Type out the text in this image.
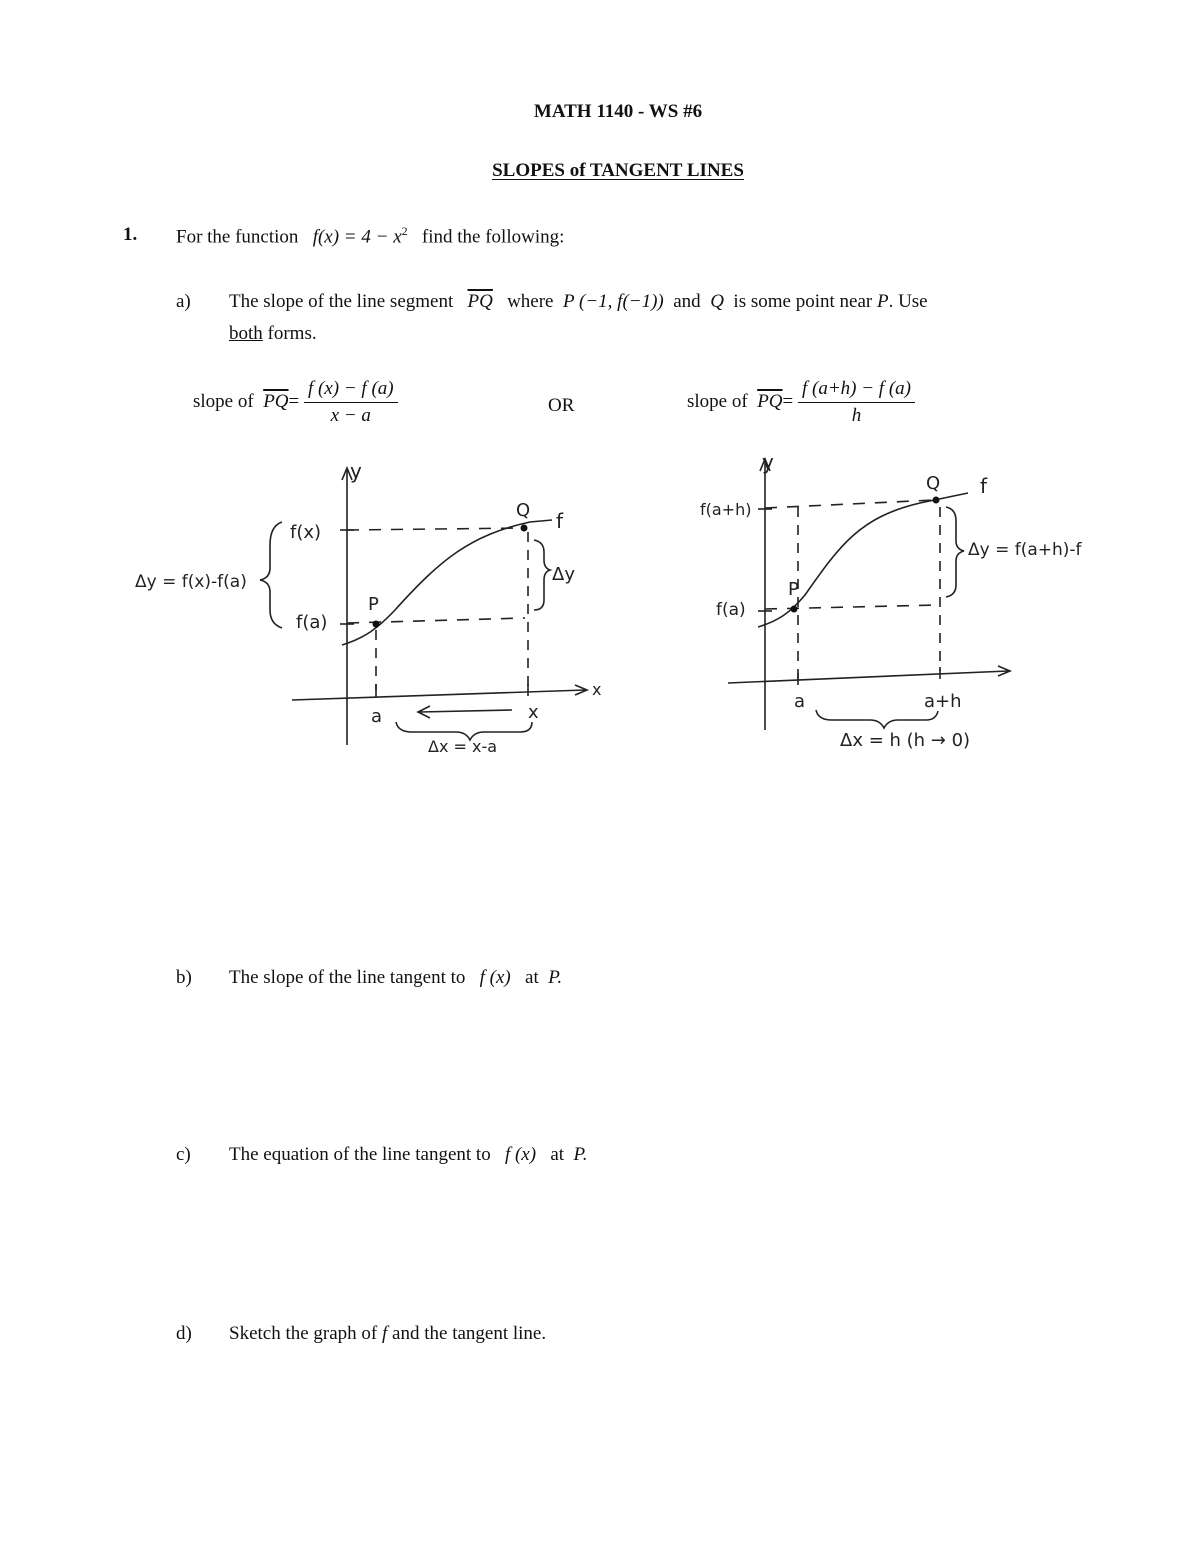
MATH 1140 - WS #6
SLOPES of TANGENT LINES
1. For the function $f(x) = 4 - x^2$ find the following:
a) The slope of the line segment $\overline{PQ}$ where P (−1, f(−1)) and Q is some point near P. Use
both forms.
slope of $\overline{PQ}= \frac{f (x) - f (a)}{x - a}$	OR	slope of $\overline{PQ}= \frac{f (a+h) - f (a)}{h}$
y
x
f(x)
f(a)
P
Q f
Δy
Δy = f(x)-f(a)
a	x
Δx = x-a
y
f(a+h)
f(a)
P
Q f
Δy = f(a+h)-f
a	a+h
Δx = h (h → 0)
b) The slope of the line tangent to f (x) at P.
c) The equation of the line tangent to f (x) at P.
d) Sketch the graph of f and the tangent line.
